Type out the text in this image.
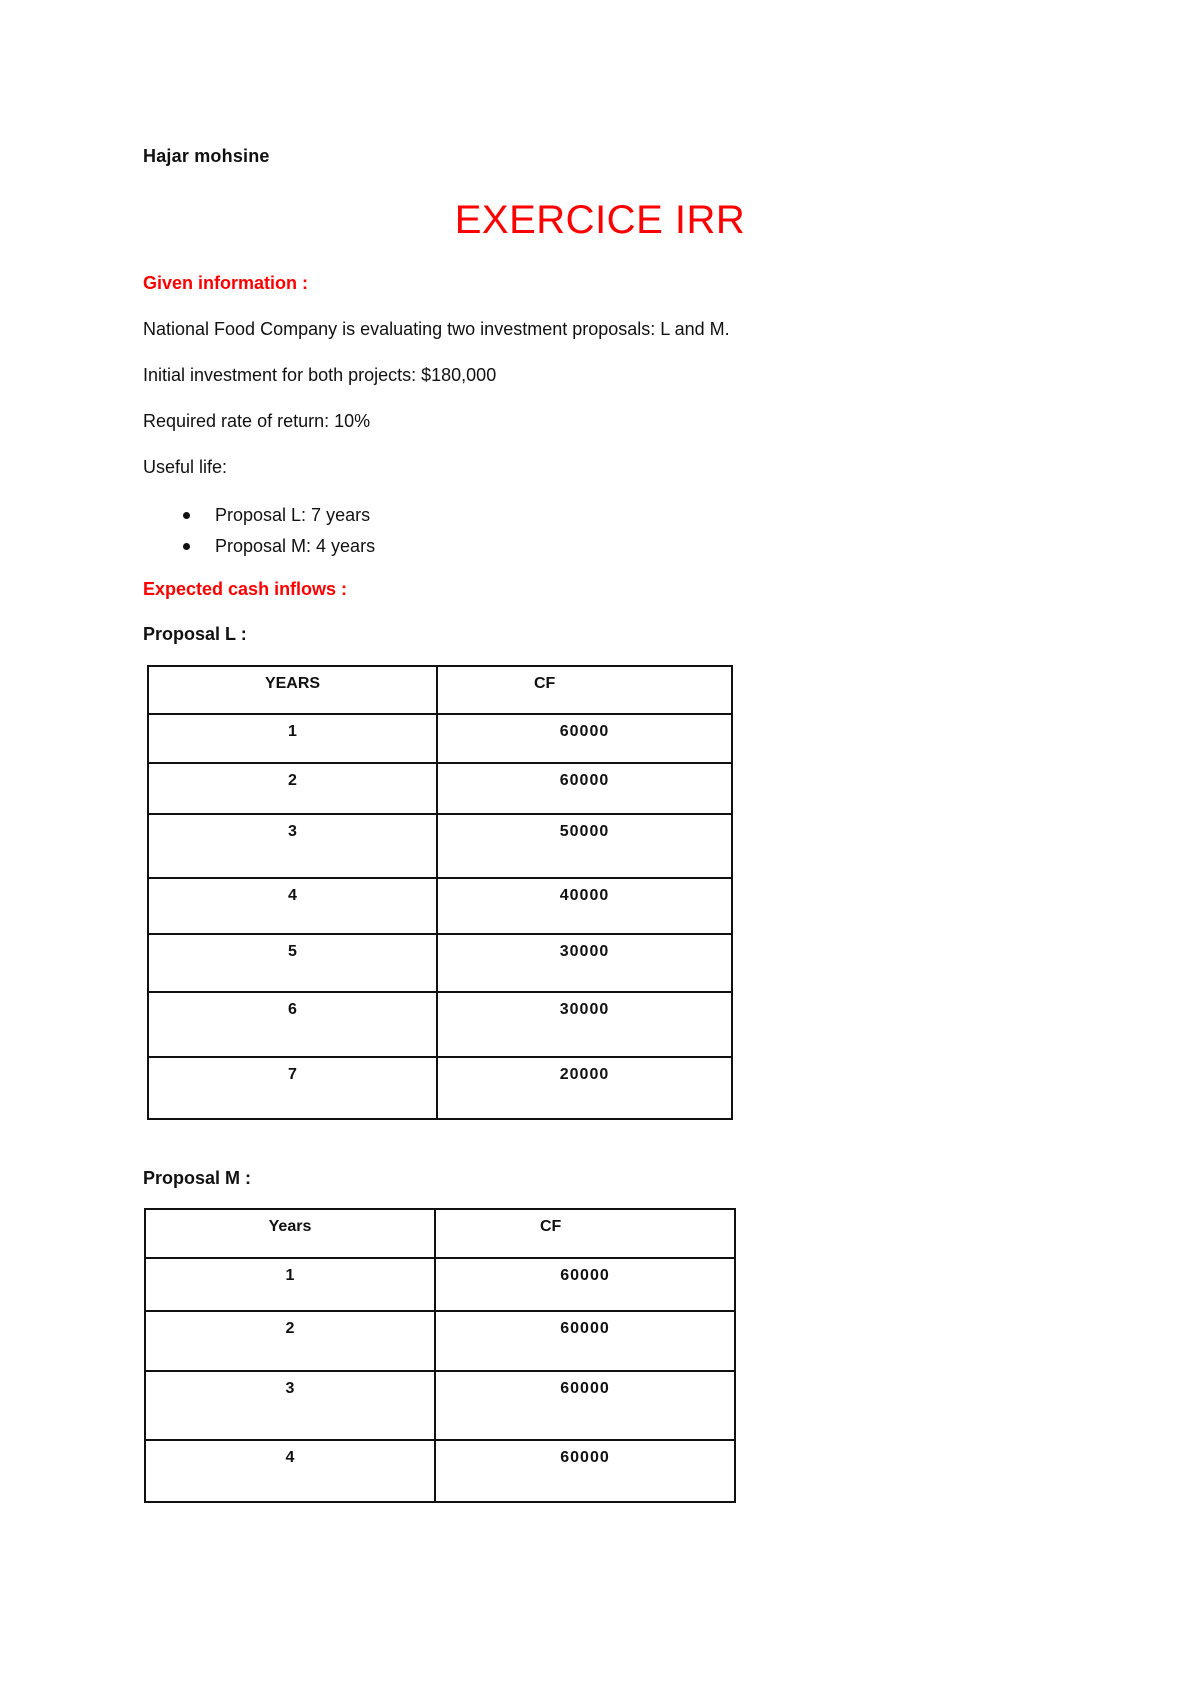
Hajar mohsine
EXERCICE IRR
Given information :
National Food Company is evaluating two investment proposals: L and M.
Initial investment for both projects: $180,000
Required rate of return: 10%
Useful life:
Proposal L: 7 years
Proposal M: 4 years
Expected cash inflows :
Proposal L :
YEARS	CF
1	60000
2	60000
3	50000
4	40000
5	30000
6	30000
7	20000
Proposal M :
Years	CF
1	60000
2	60000
3	60000
4	60000
